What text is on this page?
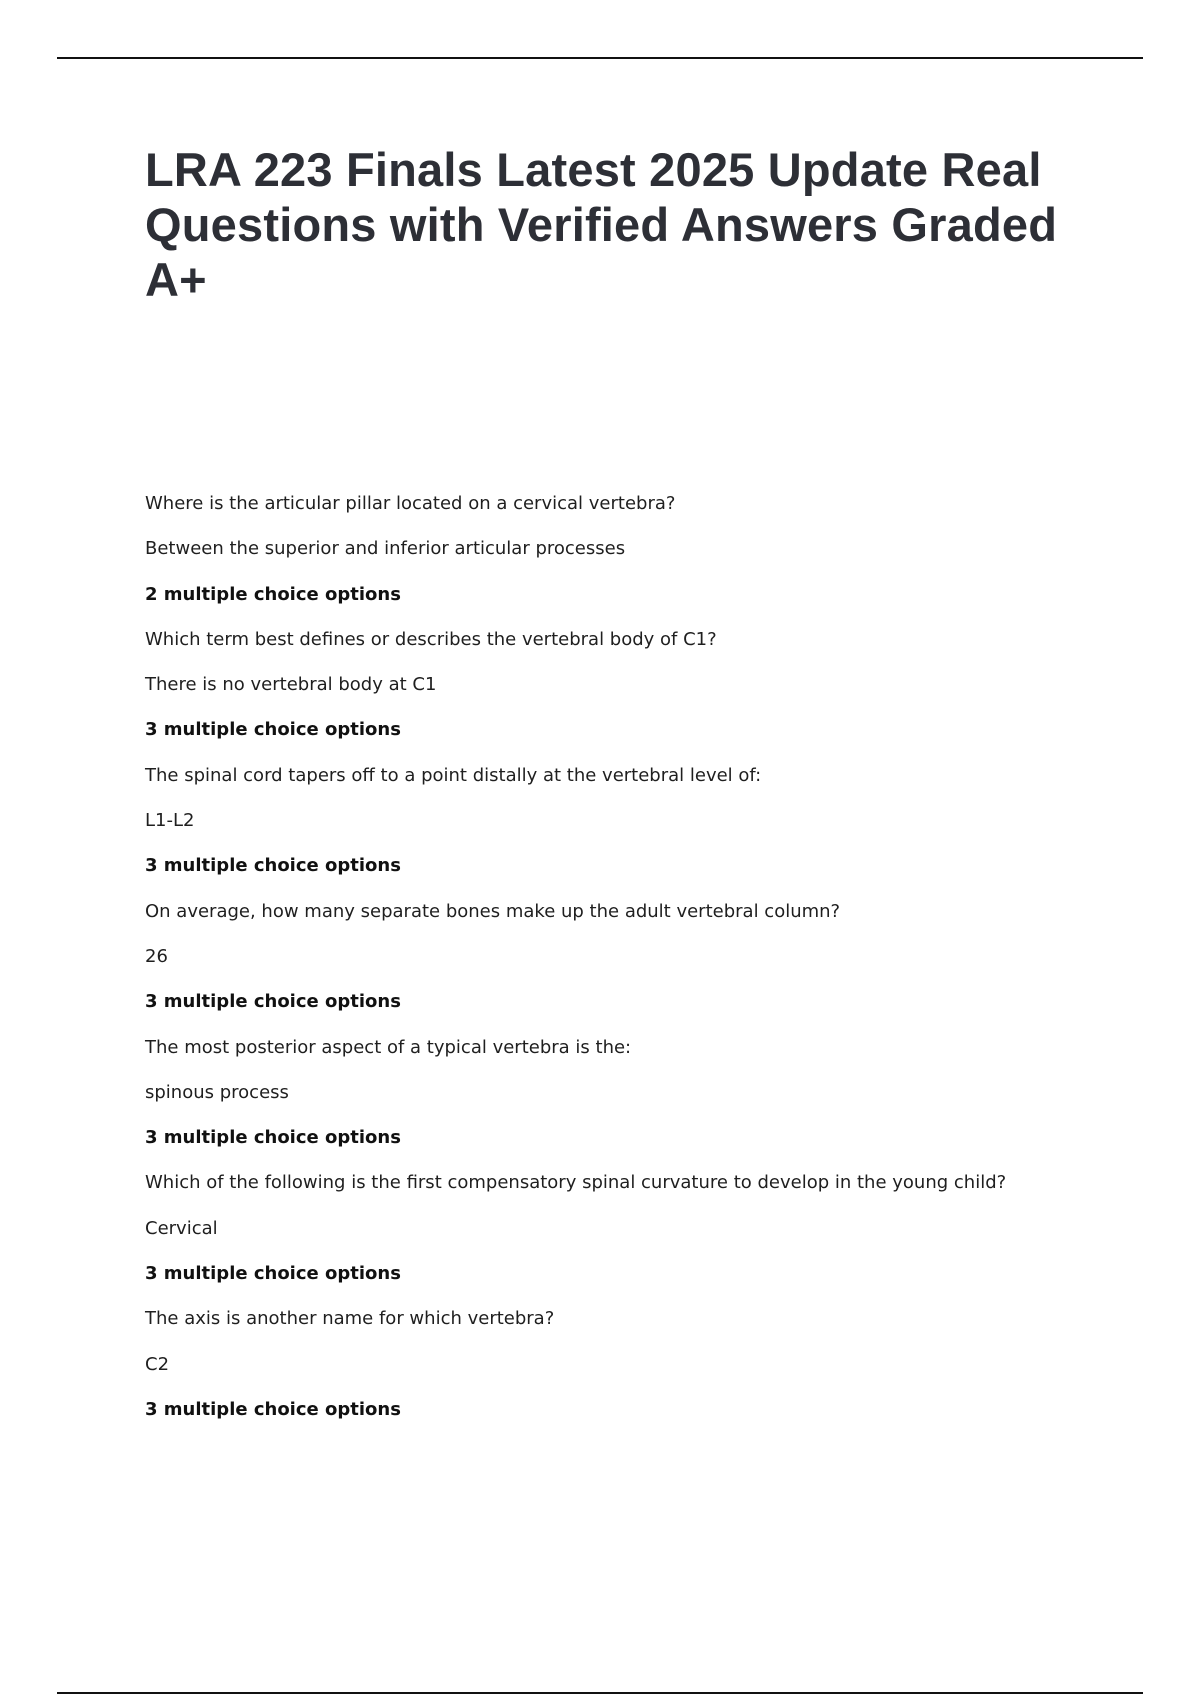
LRA 223 Finals Latest 2025 Update Real Questions with Verified Answers Graded A+
Where is the articular pillar located on a cervical vertebra?
Between the superior and inferior articular processes
2 multiple choice options
Which term best defines or describes the vertebral body of C1?
There is no vertebral body at C1
3 multiple choice options
The spinal cord tapers off to a point distally at the vertebral level of:
L1-L2
3 multiple choice options
On average, how many separate bones make up the adult vertebral column?
26
3 multiple choice options
The most posterior aspect of a typical vertebra is the:
spinous process
3 multiple choice options
Which of the following is the first compensatory spinal curvature to develop in the young child?
Cervical
3 multiple choice options
The axis is another name for which vertebra?
C2
3 multiple choice options
